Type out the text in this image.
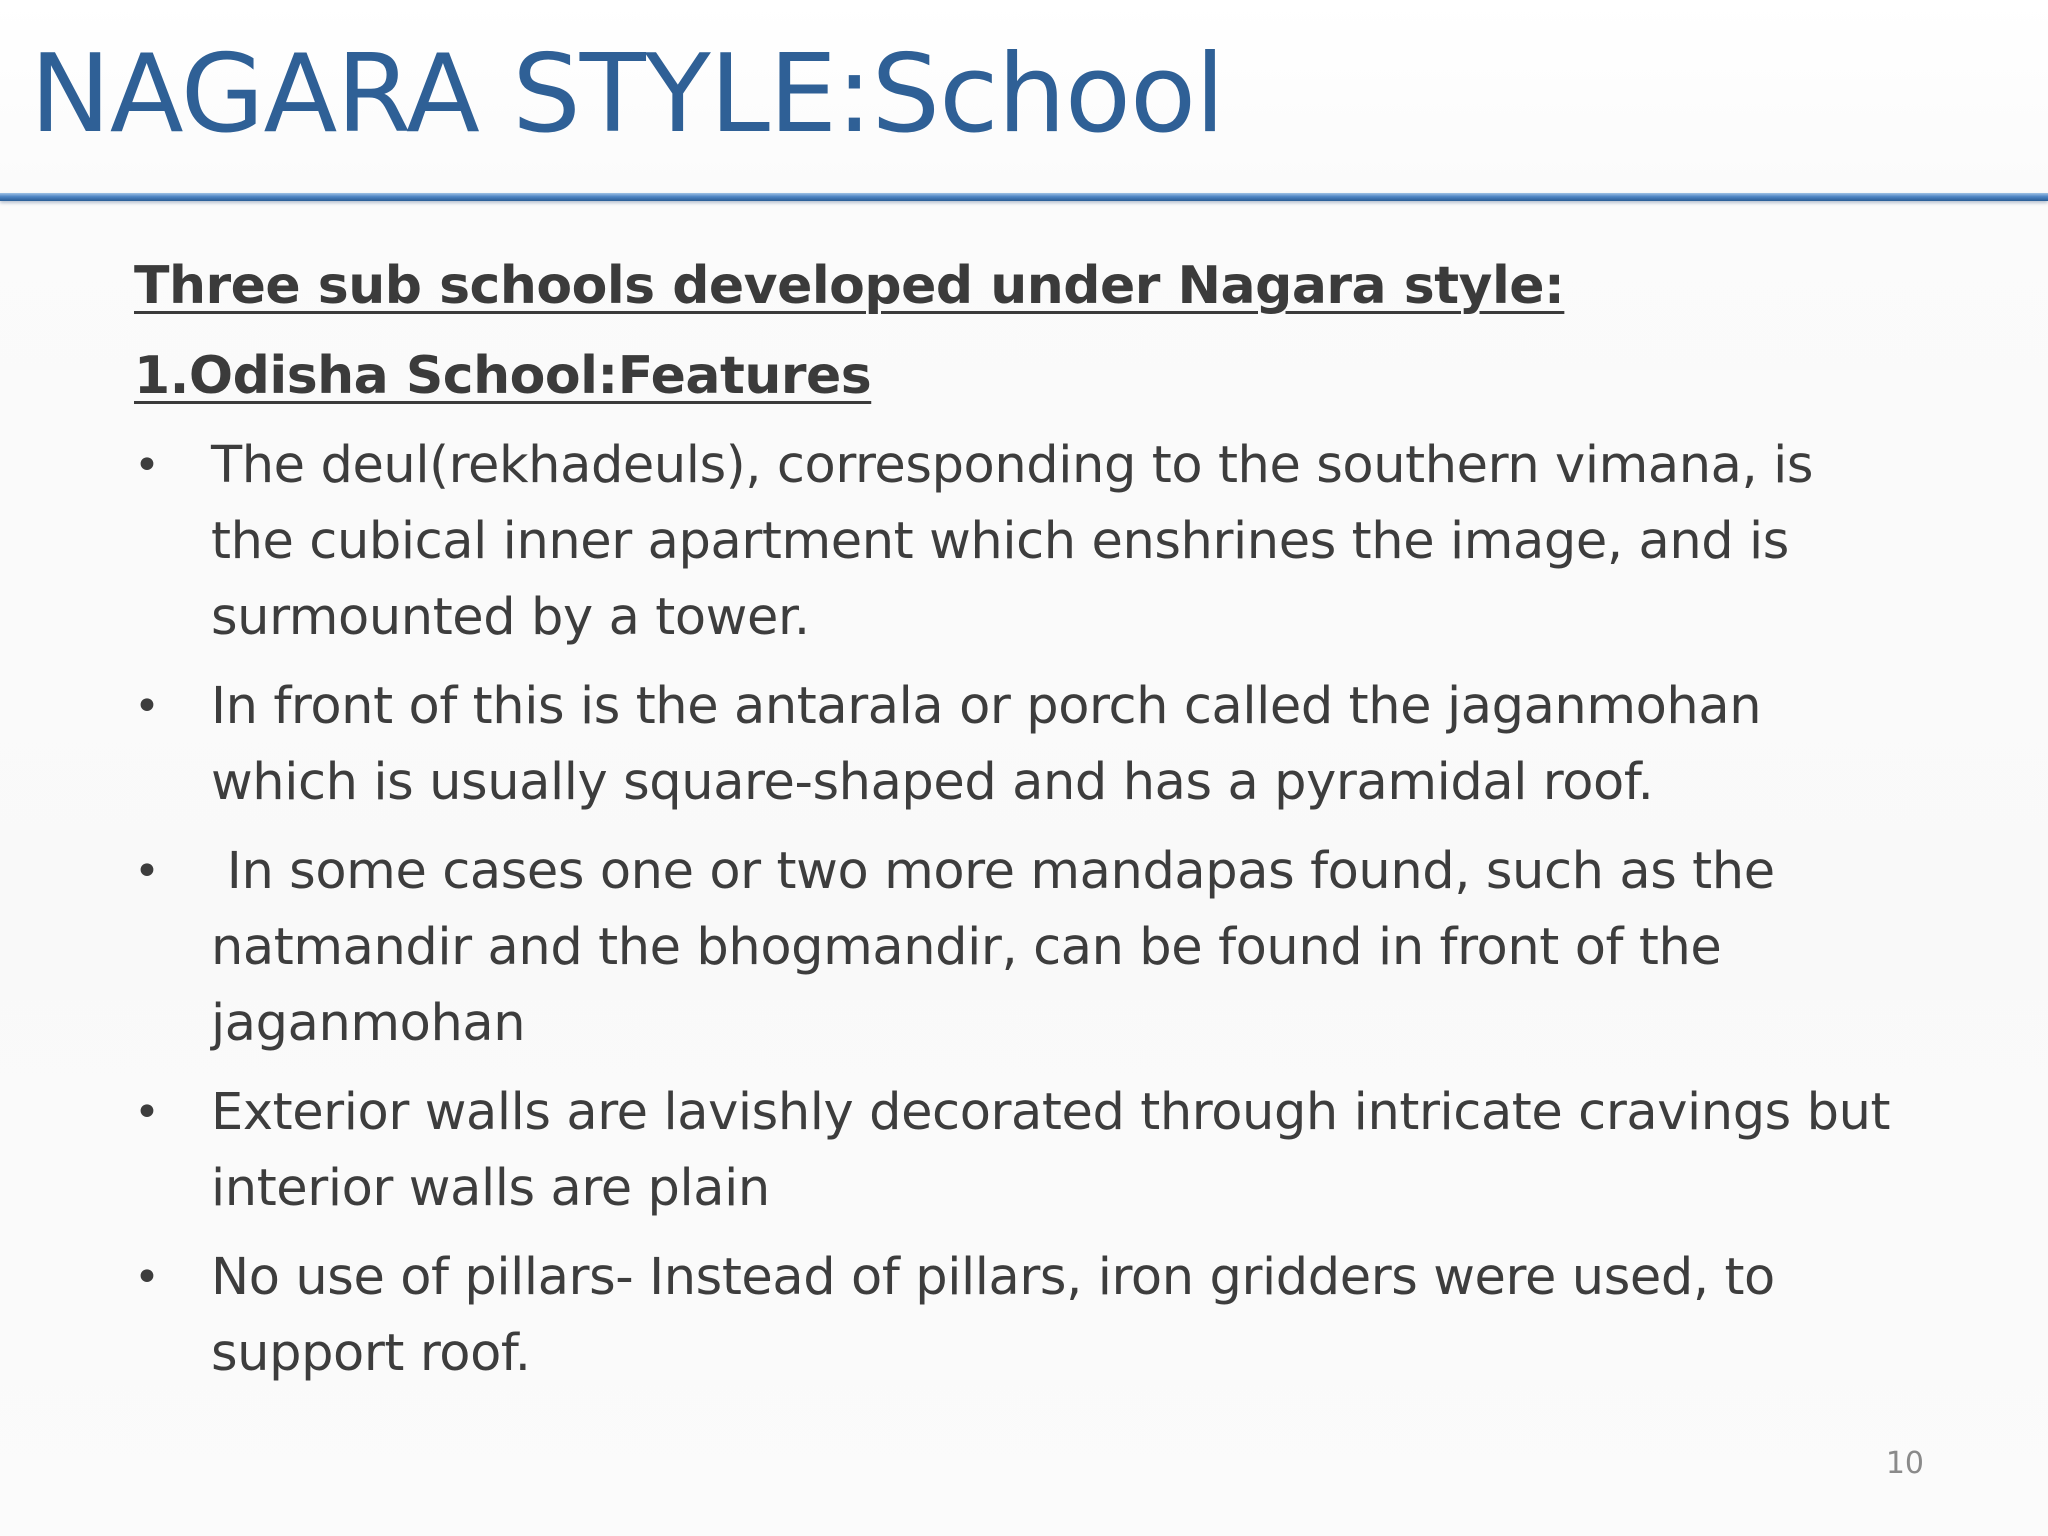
NAGARA STYLE:School
Three sub schools developed under Nagara style:
1.Odisha School:Features
• The deul(rekhadeuls), corresponding to the southern vimana, is
the cubical inner apartment which enshrines the image, and is
surmounted by a tower.
• In front of this is the antarala or porch called the jaganmohan
which is usually square-shaped and has a pyramidal roof.
• In some cases one or two more mandapas found, such as the
natmandir and the bhogmandir, can be found in front of the
jaganmohan
• Exterior walls are lavishly decorated through intricate cravings but
interior walls are plain
• No use of pillars- Instead of pillars, iron gridders were used, to
support roof.
10
